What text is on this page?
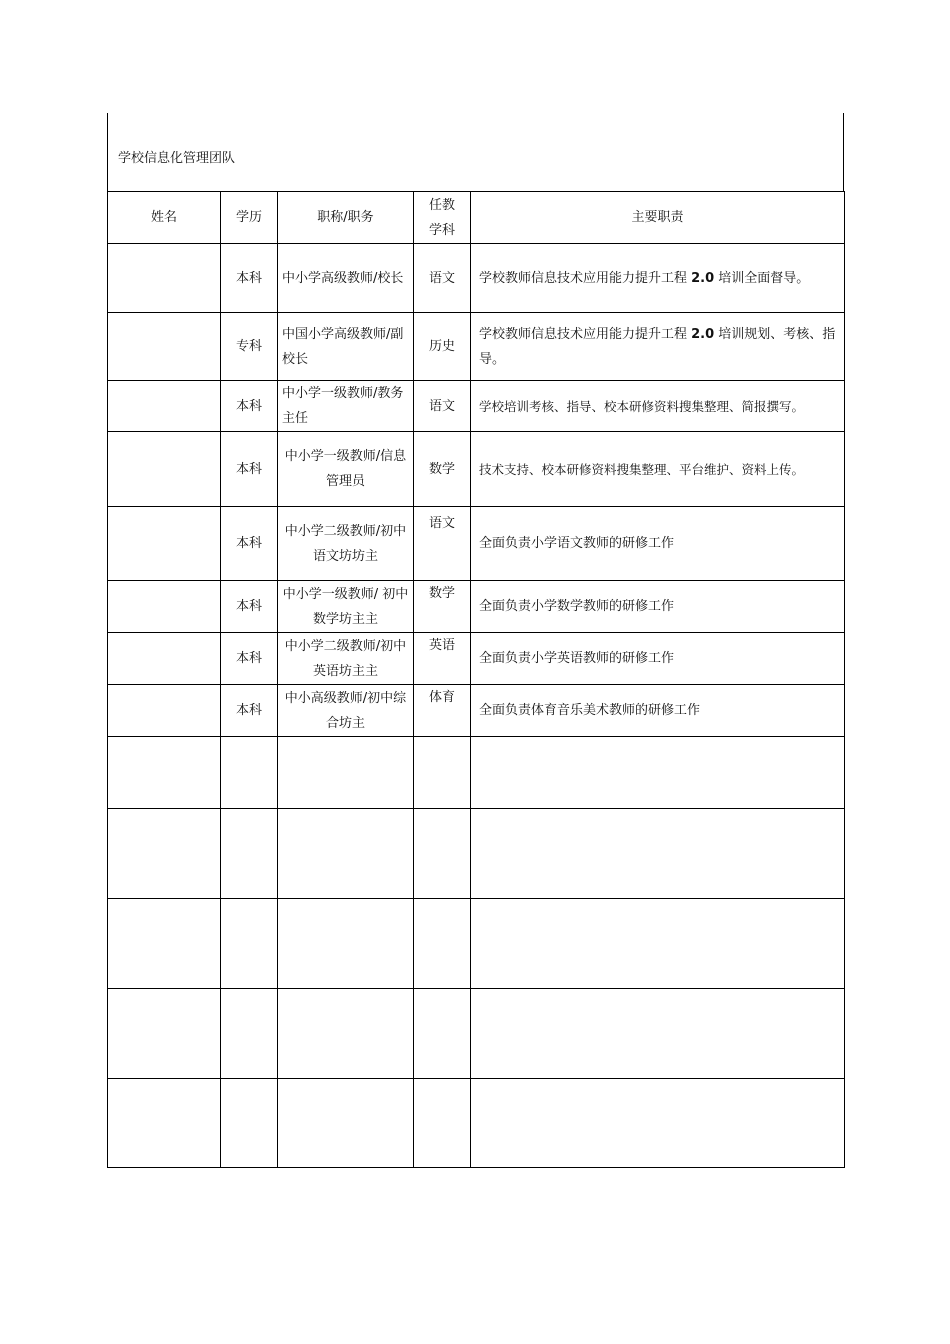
学校信息化管理团队
姓名	学历	职称/职务	任教学科	主要职责
	本科	中小学高级教师/校长	语文	学校教师信息技术应用能力提升工程 2.0 培训全面督导。
	专科	中国小学高级教师/副校长	历史	学校教师信息技术应用能力提升工程 2.0 培训规划、考核、指导。
	本科	中小学一级教师/教务主任	语文	学校培训考核、指导、校本研修资料搜集整理、简报撰写。
	本科	中小学一级教师/信息管理员	数学	技术支持、校本研修资料搜集整理、平台维护、资料上传。
	本科	中小学二级教师/初中语文坊坊主	语文	全面负责小学语文教师的研修工作
	本科	中小学一级教师/ 初中数学坊主主	数学	全面负责小学数学教师的研修工作
	本科	中小学二级教师/初中英语坊主主	英语	全面负责小学英语教师的研修工作
	本科	中小高级教师/初中综合坊主	体育	全面负责体育音乐美术教师的研修工作
